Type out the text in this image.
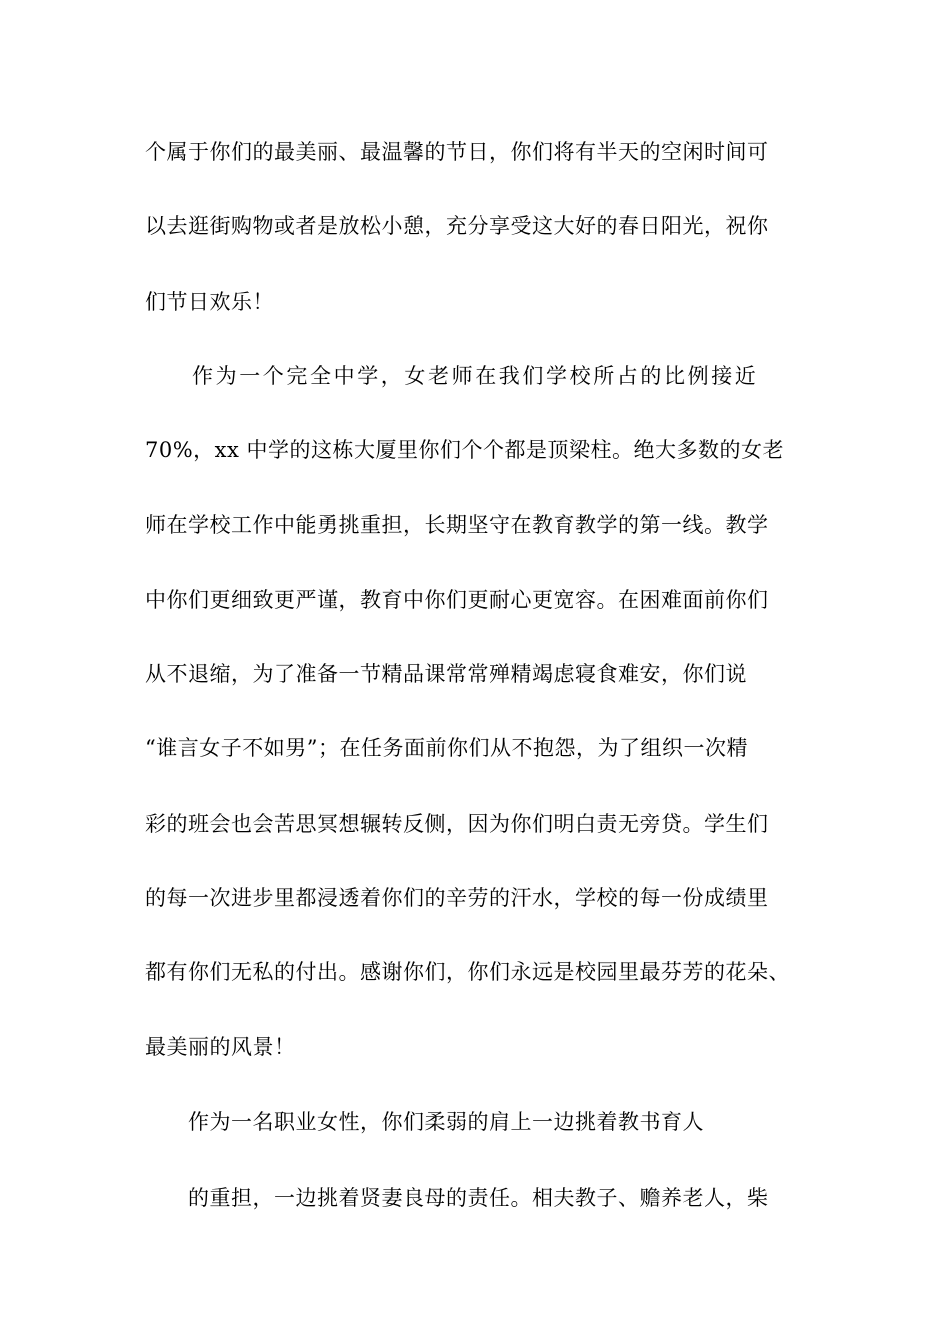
个属于你们的最美丽、最温馨的节日，你们将有半天的空闲时间可
以去逛街购物或者是放松小憩，充分享受这大好的春日阳光，祝你
们节日欢乐！
作为一个完全中学，女老师在我们学校所占的比例接近
70%，xx 中学的这栋大厦里你们个个都是顶梁柱。绝大多数的女老
师在学校工作中能勇挑重担，长期坚守在教育教学的第一线。教学
中你们更细致更严谨，教育中你们更耐心更宽容。在困难面前你们
从不退缩，为了准备一节精品课常常殚精竭虑寝食难安，你们说
“谁言女子不如男”；在任务面前你们从不抱怨，为了组织一次精
彩的班会也会苦思冥想辗转反侧，因为你们明白责无旁贷。学生们
的每一次进步里都浸透着你们的辛劳的汗水，学校的每一份成绩里
都有你们无私的付出。感谢你们，你们永远是校园里最芬芳的花朵、
最美丽的风景！
作为一名职业女性，你们柔弱的肩上一边挑着教书育人
的重担，一边挑着贤妻良母的责任。相夫教子、赡养老人，柴
